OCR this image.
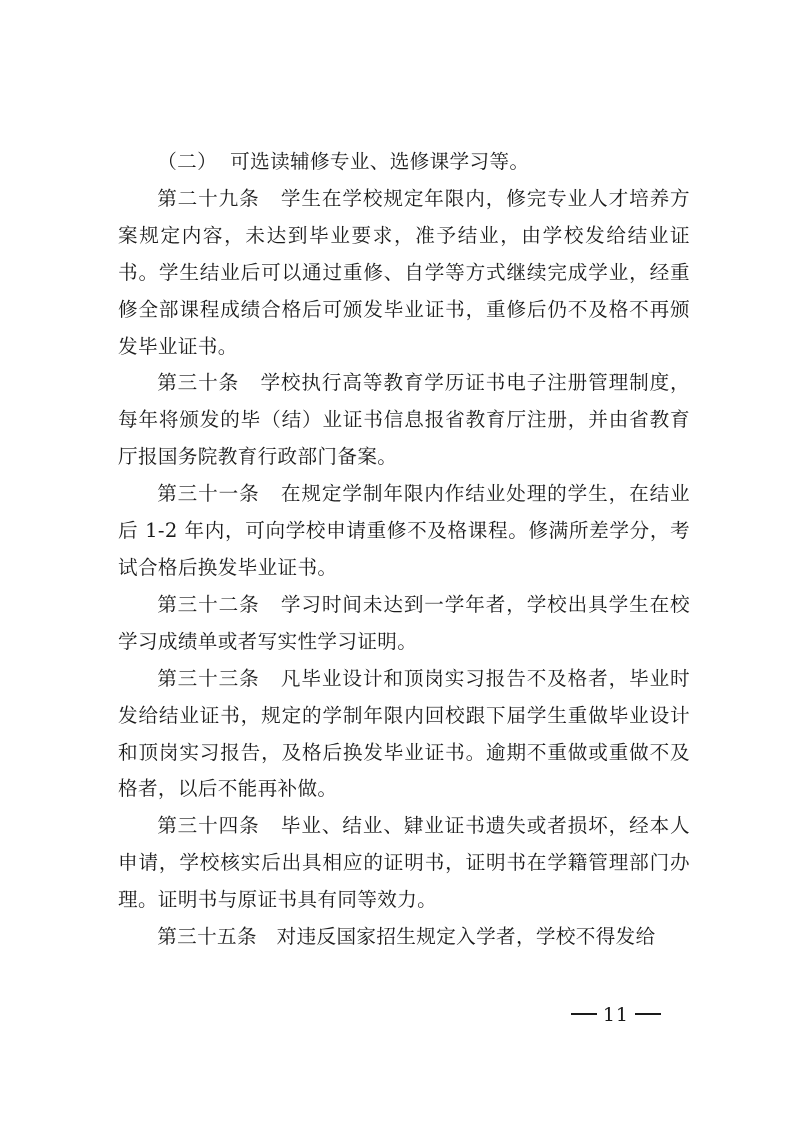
（二）  可选读辅修专业、选修课学习等。

第二十九条   学生在学校规定年限内，修完专业人才培养方案规定内容，未达到毕业要求，准予结业，由学校发给结业证书。学生结业后可以通过重修、自学等方式继续完成学业，经重修全部课程成绩合格后可颁发毕业证书，重修后仍不及格不再颁发毕业证书。

第三十条   学校执行高等教育学历证书电子注册管理制度，每年将颁发的毕（结）业证书信息报省教育厅注册，并由省教育厅报国务院教育行政部门备案。

第三十一条   在规定学制年限内作结业处理的学生，在结业后 1-2 年内，可向学校申请重修不及格课程。修满所差学分，考试合格后换发毕业证书。

第三十二条   学习时间未达到一学年者，学校出具学生在校学习成绩单或者写实性学习证明。

第三十三条   凡毕业设计和顶岗实习报告不及格者，毕业时发给结业证书，规定的学制年限内回校跟下届学生重做毕业设计和顶岗实习报告，及格后换发毕业证书。逾期不重做或重做不及格者，以后不能再补做。

第三十四条   毕业、结业、肄业证书遗失或者损坏，经本人申请，学校核实后出具相应的证明书，证明书在学籍管理部门办理。证明书与原证书具有同等效力。

第三十五条   对违反国家招生规定入学者，学校不得发给

11
